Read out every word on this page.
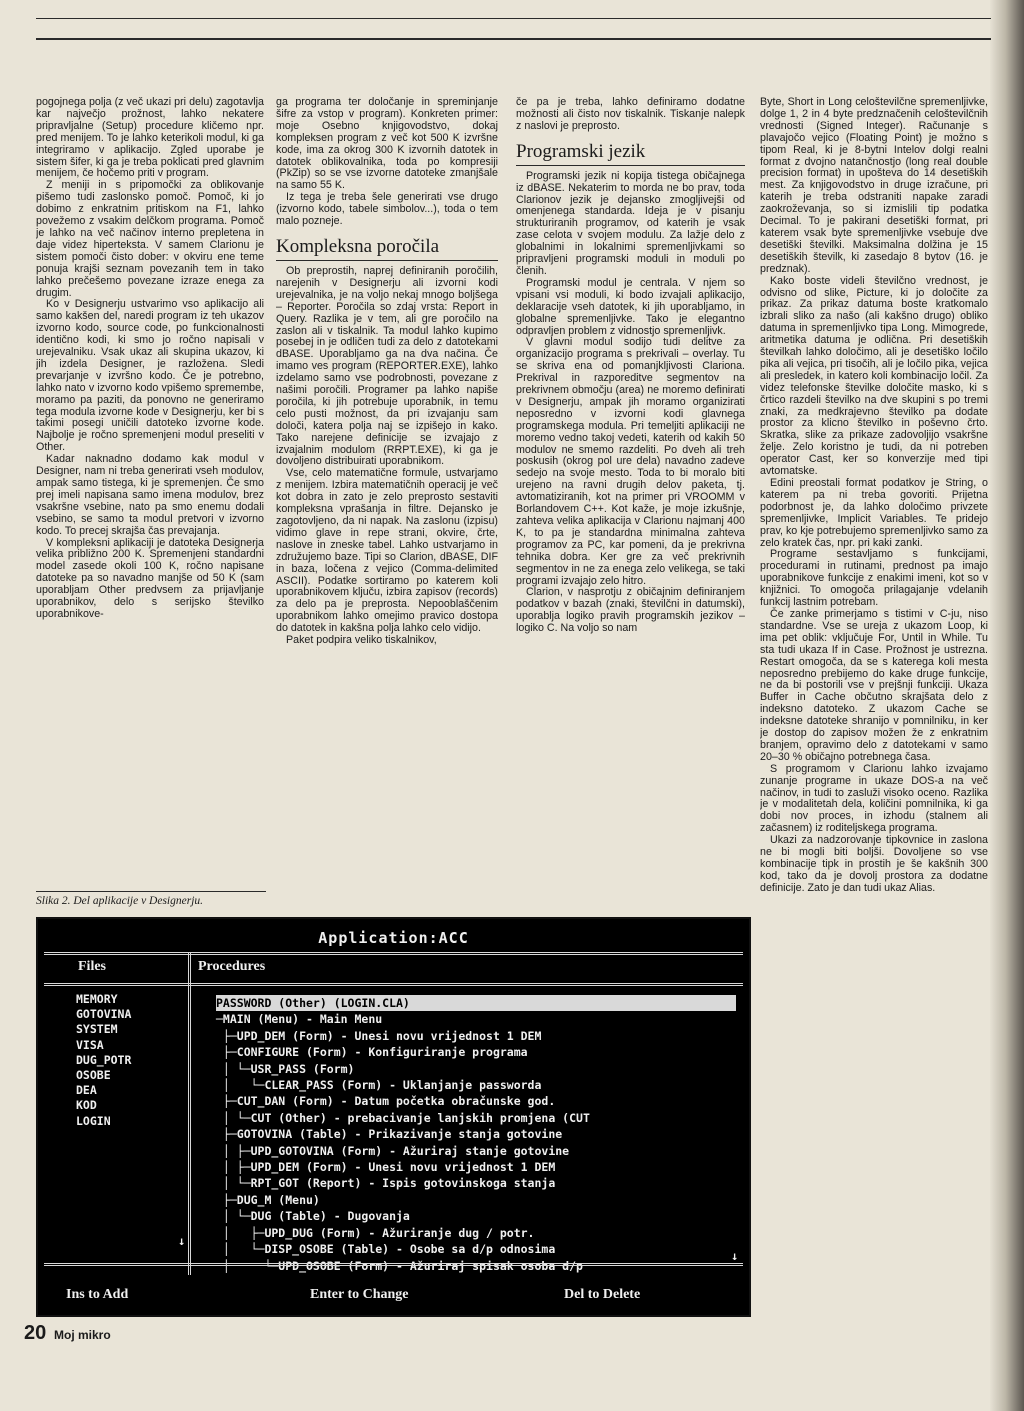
pogojnega polja (z več ukazi pri delu) zagotavlja kar največjo prožnost, lahko nekatere pripravljalne (Setup) procedure kličemo npr. pred menijem. To je lahko keterikoli modul, ki ga integriramo v aplikacijo. Zgled uporabe je sistem šifer, ki ga je treba poklicati pred glavnim menijem, če hočemo priti v program.

Z meniji in s pripomočki za oblikovanje pišemo tudi zaslonsko pomoč. Pomoč, ki jo dobimo z enkratnim pritiskom na F1, lahko povežemo z vsakim delčkom programa. Pomoč je lahko na več načinov interno prepletena in daje videz hiperteksta. V samem Clarionu je sistem pomoči čisto dober: v okviru ene teme ponuja krajši seznam povezanih tem in tako lahko prečešemo povezane izraze enega za drugim.

Ko v Designerju ustvarimo vso aplikacijo ali samo kakšen del, naredi program iz teh ukazov izvorno kodo, source code, po funkcionalnosti identično kodi, ki smo jo ročno napisali v urejevalniku. Vsak ukaz ali skupina ukazov, ki jih izdela Designer, je razložena. Sledi prevarjanje v izvršno kodo. Če je potrebno, lahko nato v izvorno kodo vpišemo spremembe, moramo pa paziti, da ponovno ne generiramo tega modula izvorne kode v Designerju, ker bi s takimi posegi uničili datoteko izvorne kode. Najbolje je ročno spremenjeni modul preseliti v Other.

Kadar naknadno dodamo kak modul v Designer, nam ni treba generirati vseh modulov, ampak samo tistega, ki je spremenjen. Če smo prej imeli napisana samo imena modulov, brez vsakršne vsebine, nato pa smo enemu dodali vsebino, se samo ta modul pretvori v izvorno kodo. To precej skrajša čas prevajanja.

V kompleksni aplikaciji je datoteka Designerja velika približno 200 K. Spremenjeni standardni model zasede okoli 100 K, ročno napisane datoteke pa so navadno manjše od 50 K (sam uporabljam Other predvsem za prijavljanje uporabnikov, delo s serijsko številko uporabnikove-

ga programa ter določanje in spreminjanje šifre za vstop v program). Konkreten primer: moje Osebno knjigovodstvo, dokaj kompleksen program z več kot 500 K izvršne kode, ima za okrog 300 K izvornih datotek in datotek oblikovalnika, toda po kompresiji (PkZip) so se vse izvorne datoteke zmanjšale na samo 55 K.

Iz tega je treba šele generirati vse drugo (izvorno kodo, tabele simbolov...), toda o tem malo pozneje.

Kompleksna poročila

Ob preprostih, naprej definiranih poročilih, narejenih v Designerju ali izvorni kodi urejevalnika, je na voljo nekaj mnogo boljšega – Reporter. Poročila so zdaj vrsta: Report in Query. Razlika je v tem, ali gre poročilo na zaslon ali v tiskalnik. Ta modul lahko kupimo posebej in je odličen tudi za delo z datotekami dBASE. Uporabljamo ga na dva načina. Če imamo ves program (REPORTER.EXE), lahko izdelamo samo vse podrobnosti, povezane z našimi poročili. Programer pa lahko napiše poročila, ki jih potrebuje uporabnik, in temu celo pusti možnost, da pri izvajanju sam določi, katera polja naj se izpišejo in kako. Tako narejene definicije se izvajajo z izvajalnim modulom (RRPT.EXE), ki ga je dovoljeno distribuirati uporabnikom.

Vse, celo matematične formule, ustvarjamo z menijem. Izbira matematičnih operacij je več kot dobra in zato je zelo preprosto sestaviti kompleksna vprašanja in filtre. Dejansko je zagotovljeno, da ni napak. Na zaslonu (izpisu) vidimo glave in repe strani, okvire, črte, naslove in zneske tabel. Lahko ustvarjamo in združujemo baze. Tipi so Clarion, dBASE, DIF in baza, ločena z vejico (Comma-delimited ASCII). Podatke sortiramo po katerem koli uporabnikovem ključu, izbira zapisov (records) za delo pa je preprosta. Nepooblaščenim uporabnikom lahko omejimo pravico dostopa do datotek in kakšna polja lahko celo vidijo.

Paket podpira veliko tiskalnikov,

če pa je treba, lahko definiramo dodatne možnosti ali čisto nov tiskalnik. Tiskanje nalepk z naslovi je preprosto.

Programski jezik

Programski jezik ni kopija tistega običajnega iz dBASE. Nekaterim to morda ne bo prav, toda Clarionov jezik je dejansko zmogljivejši od omenjenega standarda. Ideja je v pisanju strukturiranih programov, od katerih je vsak zase celota v svojem modulu. Za lažje delo z globalnimi in lokalnimi spremenljivkami so pripravljeni programski moduli in moduli po členih.

Programski modul je centrala. V njem so vpisani vsi moduli, ki bodo izvajali aplikacijo, deklaracije vseh datotek, ki jih uporabljamo, in globalne spremenljivke. Tako je elegantno odpravljen problem z vidnostjo spremenljivk.

V glavni modul sodijo tudi delitve za organizacijo programa s prekrivali – overlay. Tu se skriva ena od pomanjkljivosti Clariona. Prekrival in razporeditve segmentov na prekrivnem območju (area) ne moremo definirati v Designerju, ampak jih moramo organizirati neposredno v izvorni kodi glavnega programskega modula. Pri temeljiti aplikaciji ne moremo vedno takoj vedeti, katerih od kakih 50 modulov ne smemo razdeliti. Po dveh ali treh poskusih (okrog pol ure dela) navadno zadeve sedejo na svoje mesto. Toda to bi moralo biti urejeno na ravni drugih delov paketa, tj. avtomatiziranih, kot na primer pri VROOMM v Borlandovem C++. Kot kaže, je moje izkušnje, zahteva velika aplikacija v Clarionu najmanj 400 K, to pa je standardna minimalna zahteva programov za PC, kar pomeni, da je prekrivna tehnika dobra. Ker gre za več prekrivnih segmentov in ne za enega zelo velikega, se taki programi izvajajo zelo hitro.

Clarion, v nasprotju z običajnim definiranjem podatkov v bazah (znaki, številčni in datumski), uporablja logiko pravih programskih jezikov – logiko C. Na voljo so nam

Byte, Short in Long celoštevilčne spremenljivke, dolge 1, 2 in 4 byte predznačenih celoštevilčnih vrednosti (Signed Integer). Računanje s plavajočo vejico (Floating Point) je možno s tipom Real, ki je 8-bytni Intelov dolgi realni format z dvojno natančnostjo (long real double precision format) in upošteva do 14 desetiških mest. Za knjigovodstvo in druge izračune, pri katerih je treba odstraniti napake zaradi zaokroževanja, so si izmislili tip podatka Decimal. To je pakirani desetiški format, pri katerem vsak byte spremenljivke vsebuje dve desetiški številki. Maksimalna dolžina je 15 desetiških številk, ki zasedajo 8 bytov (16. je predznak).

Kako boste videli številčno vrednost, je odvisno od slike, Picture, ki jo določite za prikaz. Za prikaz datuma boste kratkomalo izbrali sliko za našo (ali kakšno drugo) obliko datuma in spremenljivko tipa Long. Mimogrede, aritmetika datuma je odlična. Pri desetiških številkah lahko določimo, ali je desetiško ločilo pika ali vejica, pri tisočih, ali je ločilo pika, vejica ali presledek, in katero koli kombinacijo ločil. Za videz telefonske številke določite masko, ki s črtico razdeli številko na dve skupini s po tremi znaki, za medkrajevno številko pa dodate prostor za klicno številko in poševno črto. Skratka, slike za prikaze zadovoljijo vsakršne želje. Zelo koristno je tudi, da ni potreben operator Cast, ker so konverzije med tipi avtomatske.

Edini preostali format podatkov je String, o katerem pa ni treba govoriti. Prijetna podorbnost je, da lahko določimo privzete spremenljivke, Implicit Variables. Te pridejo prav, ko kje potrebujemo spremenljivko samo za zelo kratek čas, npr. pri kaki zanki.

Programe sestavljamo s funkcijami, procedurami in rutinami, prednost pa imajo uporabnikove funkcije z enakimi imeni, kot so v knjižnici. To omogoča prilagajanje vdelanih funkcij lastnim potrebam.

Če zanke primerjamo s tistimi v C-ju, niso standardne. Vse se ureja z ukazom Loop, ki ima pet oblik: vključuje For, Until in While. Tu sta tudi ukaza If in Case. Prožnost je ustrezna. Restart omogoča, da se s katerega koli mesta neposredno prebijemo do kake druge funkcije, ne da bi postorili vse v prejšnji funkciji. Ukaza Buffer in Cache občutno skrajšata delo z indeksno datoteko. Z ukazom Cache se indeksne datoteke shranijo v pomnilniku, in ker je dostop do zapisov možen že z enkratnim branjem, opravimo delo z datotekami v samo 20–30 % običajno potrebnega časa.

S programom v Clarionu lahko izvajamo zunanje programe in ukaze DOS-a na več načinov, in tudi to zasluži visoko oceno. Razlika je v modalitetah dela, količini pomnilnika, ki ga dobi nov proces, in izhodu (stalnem ali začasnem) iz roditeljskega programa.

Ukazi za nadzorovanje tipkovnice in zaslona ne bi mogli biti boljši. Dovoljene so vse kombinacije tipk in prostih je še kakšnih 300 kod, tako da je dovolj prostora za dodatne definicije. Zato je dan tudi ukaz Alias.

Slika 2. Del aplikacije v Designerju.
Application:ACC
Files	Procedures
MEMORY
GOTOVINA
SYSTEM
VISA
DUG_POTR
OSOBE
DEA
KOD
LOGIN
PASSWORD (Other) (LOGIN.CLA)
─MAIN (Menu) - Main Menu
├─UPD_DEM (Form) - Unesi novu vrijednost 1 DEM
├─CONFIGURE (Form) - Konfiguriranje programa
│ └─USR_PASS (Form)
│   └─CLEAR_PASS (Form) - Uklanjanje passworda
├─CUT_DAN (Form) - Datum početka obračunske god.
│ └─CUT (Other) - prebacivanje lanjskih promjena (CUT
├─GOTOVINA (Table) - Prikazivanje stanja gotovine
│ ├─UPD_GOTOVINA (Form) - Ažuriraj stanje gotovine
│ ├─UPD_DEM (Form) - Unesi novu vrijednost 1 DEM
│ └─RPT_GOT (Report) - Ispis gotovinskoga stanja
├─DUG_M (Menu)
│ └─DUG (Table) - Dugovanja
│   ├─UPD_DUG (Form) - Ažuriranje dug / potr.
│   └─DISP_OSOBE (Table) - Osobe sa d/p odnosima
│     └─UPD_OSOBE (Form) - Ažuriraj spisak osoba d/p
↓
↓
Ins to Add	Enter to Change	Del to Delete
20 Moj mikro
